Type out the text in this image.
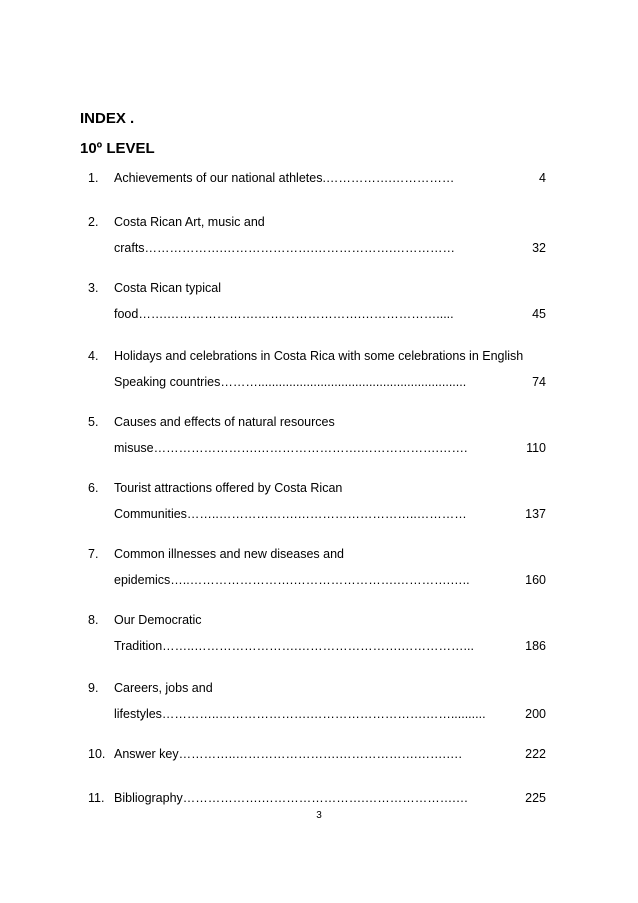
INDEX .
10º LEVEL
1. Achievements of our national athletes.…………….……………	4
2. Costa Rican Art, music and
crafts……………….………………….……………….……………	32
3. Costa Rican typical
food…….………………….…………………….……………….....	45
4. Holidays and celebrations in Costa Rica with some celebrations in English
Speaking countries………............................................................	74
5. Causes and effects of natural resources
misuse…………………….…………………….……………….…….	110
6. Tourist attractions offered by Costa Rican
Communities……..……………….………………………..…………	137
7. Common illnesses and new diseases and
epidemics…..…………………….…………………….………….…..	160
8. Our Democratic
Tradition……..…………………….…………………….……………...	186
9. Careers, jobs and
lifestyles…………..………………….……………………….……..........	200
10. Answer key…………..…………………….……………….…….….	222
11. Bibliography……………….…………………….………………….…	225
3
